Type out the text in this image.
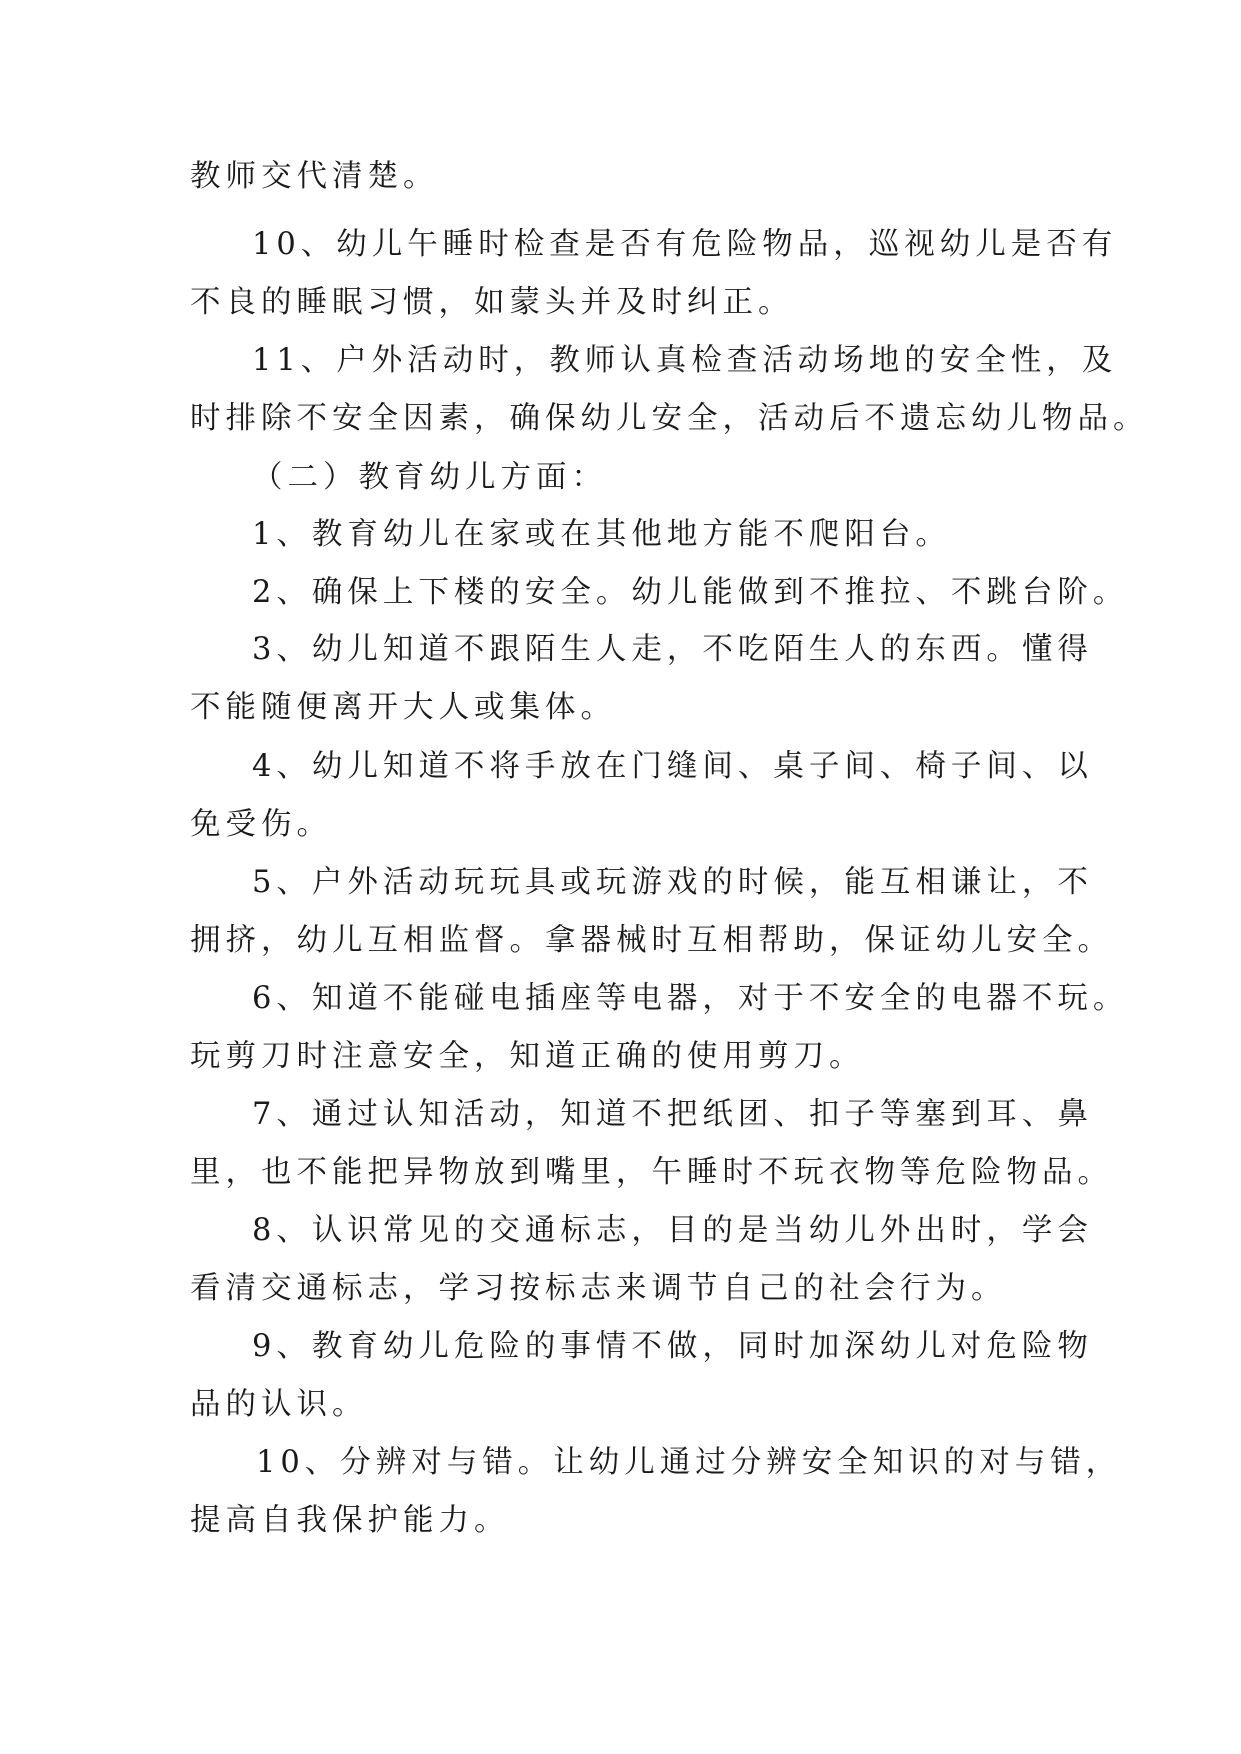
教师交代清楚。
10、幼儿午睡时检查是否有危险物品，巡视幼儿是否有
不良的睡眠习惯，如蒙头并及时纠正。
11、户外活动时，教师认真检查活动场地的安全性，及
时排除不安全因素，确保幼儿安全，活动后不遗忘幼儿物品。
（二）教育幼儿方面：
1、教育幼儿在家或在其他地方能不爬阳台。
2、确保上下楼的安全。幼儿能做到不推拉、不跳台阶。
3、幼儿知道不跟陌生人走，不吃陌生人的东西。懂得
不能随便离开大人或集体。
4、幼儿知道不将手放在门缝间、桌子间、椅子间、以
免受伤。
5、户外活动玩玩具或玩游戏的时候，能互相谦让，不
拥挤，幼儿互相监督。拿器械时互相帮助，保证幼儿安全。
6、知道不能碰电插座等电器，对于不安全的电器不玩。
玩剪刀时注意安全，知道正确的使用剪刀。
7、通过认知活动，知道不把纸团、扣子等塞到耳、鼻
里，也不能把异物放到嘴里，午睡时不玩衣物等危险物品。
8、认识常见的交通标志，目的是当幼儿外出时，学会
看清交通标志，学习按标志来调节自己的社会行为。
9、教育幼儿危险的事情不做，同时加深幼儿对危险物
品的认识。
10、分辨对与错。让幼儿通过分辨安全知识的对与错，
提高自我保护能力。
